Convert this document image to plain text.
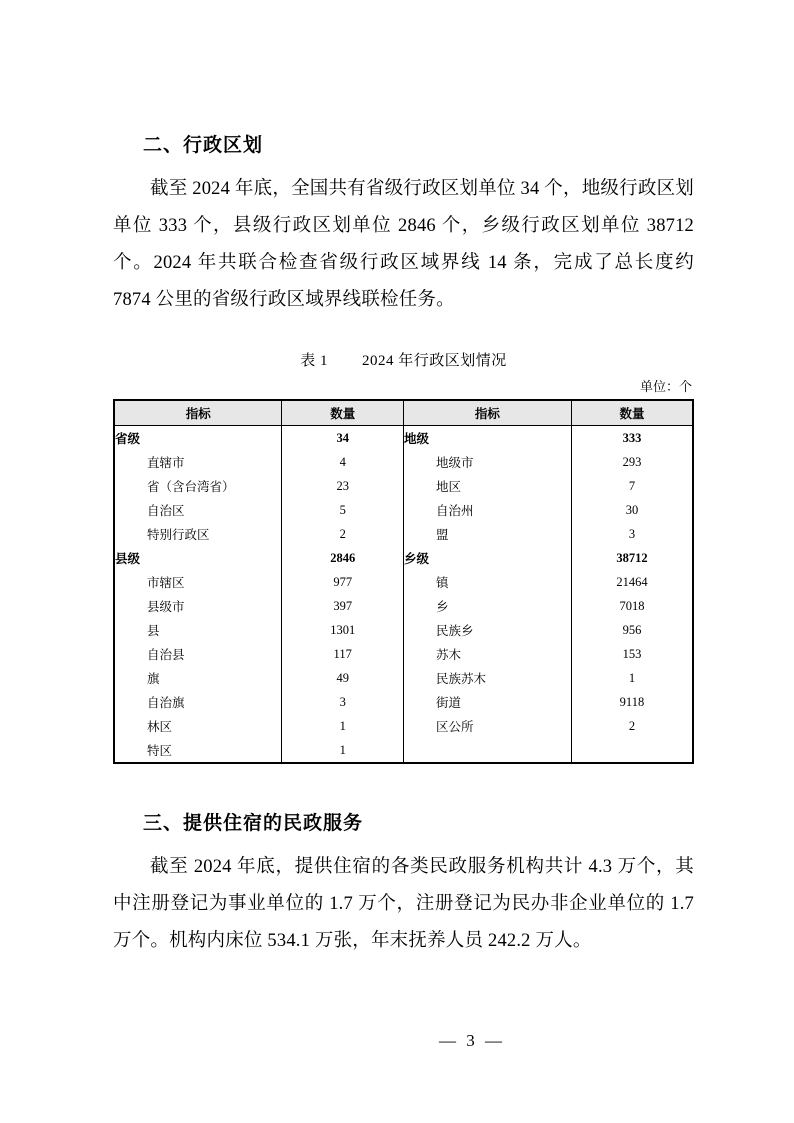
二、行政区划

截至 2024 年底，全国共有省级行政区划单位 34 个，地级行政区划单位 333 个，县级行政区划单位 2846 个，乡级行政区划单位 38712 个。2024 年共联合检查省级行政区域界线 14 条，完成了总长度约 7874 公里的省级行政区域界线联检任务。

表 1 2024 年行政区划情况
单位：个
指标	数量	指标	数量
省级	34	地级	333
直辖市	4	地级市	293
省（含台湾省）	23	地区	7
自治区	5	自治州	30
特别行政区	2	盟	3
县级	2846	乡级	38712
市辖区	977	镇	21464
县级市	397	乡	7018
县	1301	民族乡	956
自治县	117	苏木	153
旗	49	民族苏木	1
自治旗	3	街道	9118
林区	1	区公所	2
特区	1		
三、提供住宿的民政服务

截至 2024 年底，提供住宿的各类民政服务机构共计 4.3 万个，其中注册登记为事业单位的 1.7 万个，注册登记为民办非企业单位的 1.7 万个。机构内床位 534.1 万张，年末抚养人员 242.2 万人。

— 3 —
